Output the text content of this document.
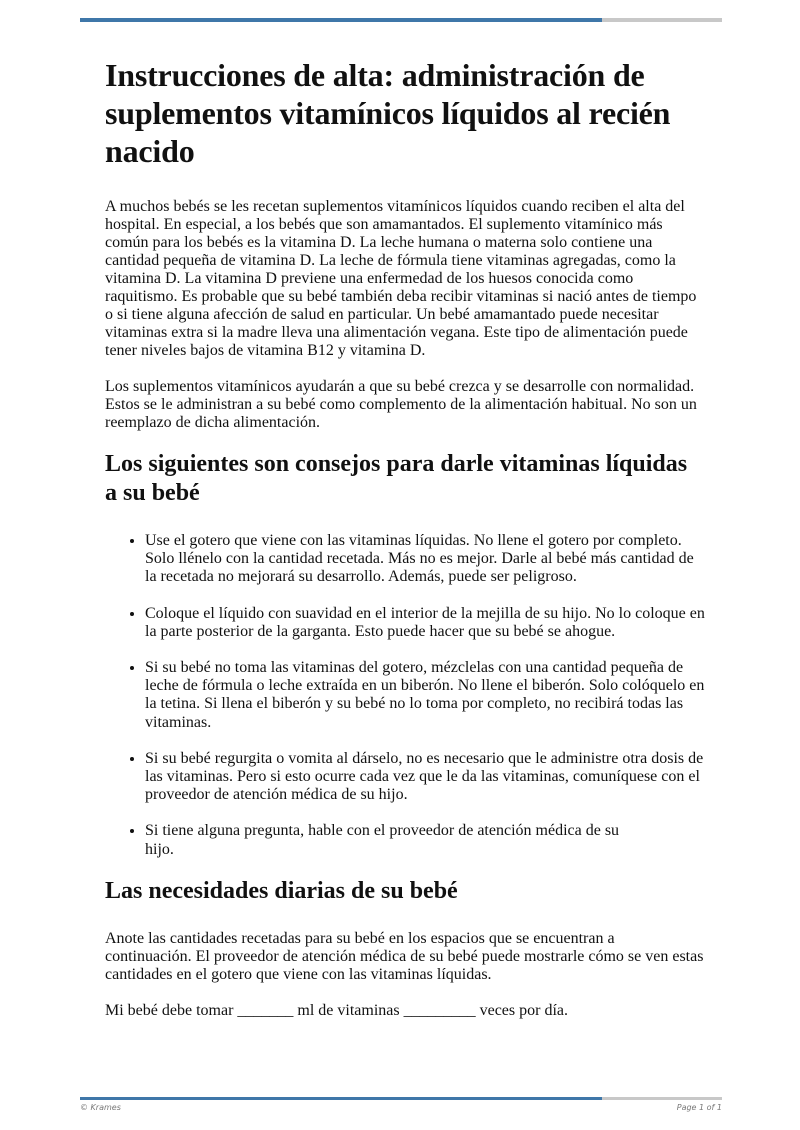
Instrucciones de alta: administración de suplementos vitamínicos líquidos al recién nacido

A muchos bebés se les recetan suplementos vitamínicos líquidos cuando reciben el alta del hospital. En especial, a los bebés que son amamantados. El suplemento vitamínico más común para los bebés es la vitamina D. La leche humana o materna solo contiene una cantidad pequeña de vitamina D. La leche de fórmula tiene vitaminas agregadas, como la vitamina D. La vitamina D previene una enfermedad de los huesos conocida como raquitismo. Es probable que su bebé también deba recibir vitaminas si nació antes de tiempo o si tiene alguna afección de salud en particular. Un bebé amamantado puede necesitar vitaminas extra si la madre lleva una alimentación vegana. Este tipo de alimentación puede tener niveles bajos de vitamina B12 y vitamina D.

Los suplementos vitamínicos ayudarán a que su bebé crezca y se desarrolle con normalidad. Estos se le administran a su bebé como complemento de la alimentación habitual. No son un reemplazo de dicha alimentación.

Los siguientes son consejos para darle vitaminas líquidas a su bebé
• Use el gotero que viene con las vitaminas líquidas. No llene el gotero por completo. Solo llénelo con la cantidad recetada. Más no es mejor. Darle al bebé más cantidad de la recetada no mejorará su desarrollo. Además, puede ser peligroso.
• Coloque el líquido con suavidad en el interior de la mejilla de su hijo. No lo coloque en la parte posterior de la garganta. Esto puede hacer que su bebé se ahogue.
• Si su bebé no toma las vitaminas del gotero, mézclelas con una cantidad pequeña de leche de fórmula o leche extraída en un biberón. No llene el biberón. Solo colóquelo en la tetina. Si llena el biberón y su bebé no lo toma por completo, no recibirá todas las vitaminas.
• Si su bebé regurgita o vomita al dárselo, no es necesario que le administre otra dosis de las vitaminas. Pero si esto ocurre cada vez que le da las vitaminas, comuníquese con el proveedor de atención médica de su hijo.
• Si tiene alguna pregunta, hable con el proveedor de atención médica de su hijo.
Las necesidades diarias de su bebé

Anote las cantidades recetadas para su bebé en los espacios que se encuentran a continuación. El proveedor de atención médica de su bebé puede mostrarle cómo se ven estas cantidades en el gotero que viene con las vitaminas líquidas.

Mi bebé debe tomar _______ ml de vitaminas _________ veces por día.

© Krames	Page 1 of 1
